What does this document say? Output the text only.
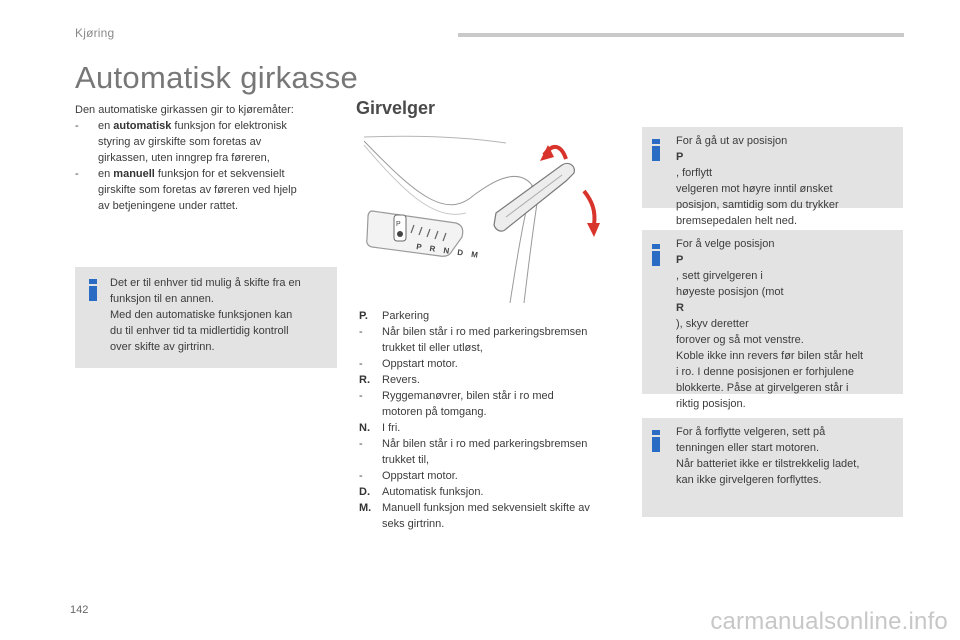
Kjøring
Automatisk girkasse
Den automatiske girkassen gir to kjøremåter:
-	en automatisk funksjon for elektronisk
styring av girskifte som foretas av
girkassen, uten inngrep fra føreren,
-	en manuell funksjon for et sekvensielt
girskifte som foretas av føreren ved hjelp
av betjeningene under rattet.
Det er til enhver tid mulig å skifte fra en
funksjon til en annen.
Med den automatiske funksjonen kan
du til enhver tid ta midlertidig kontroll
over skifte av girtrinn.
Girvelger
P
P R N D M
P.	Parkering
-	Når bilen står i ro med parkeringsbremsen
trukket til eller utløst,
-	Oppstart motor.
R.	Revers.
-	Ryggemanøvrer, bilen står i ro med
motoren på tomgang.
N.	I fri.
-	Når bilen står i ro med parkeringsbremsen
trukket til,
-	Oppstart motor.
D.	Automatisk funksjon.
M. Manuell funksjon med sekvensielt skifte av
seks girtrinn.
For å gå ut av posisjon
P
, forflytt
velgeren mot høyre inntil ønsket
posisjon, samtidig som du trykker
bremsepedalen helt ned.
For å velge posisjon
P
, sett girvelgeren i
høyeste posisjon (mot
R
), skyv deretter
forover og så mot venstre.
Koble ikke inn revers før bilen står helt
i ro. I denne posisjonen er forhjulene
blokkerte. Påse at girvelgeren står i
riktig posisjon.
For å forflytte velgeren, sett på
tenningen eller start motoren.
Når batteriet ikke er tilstrekkelig ladet,
kan ikke girvelgeren forflyttes.
142	carmanualsonline.info
